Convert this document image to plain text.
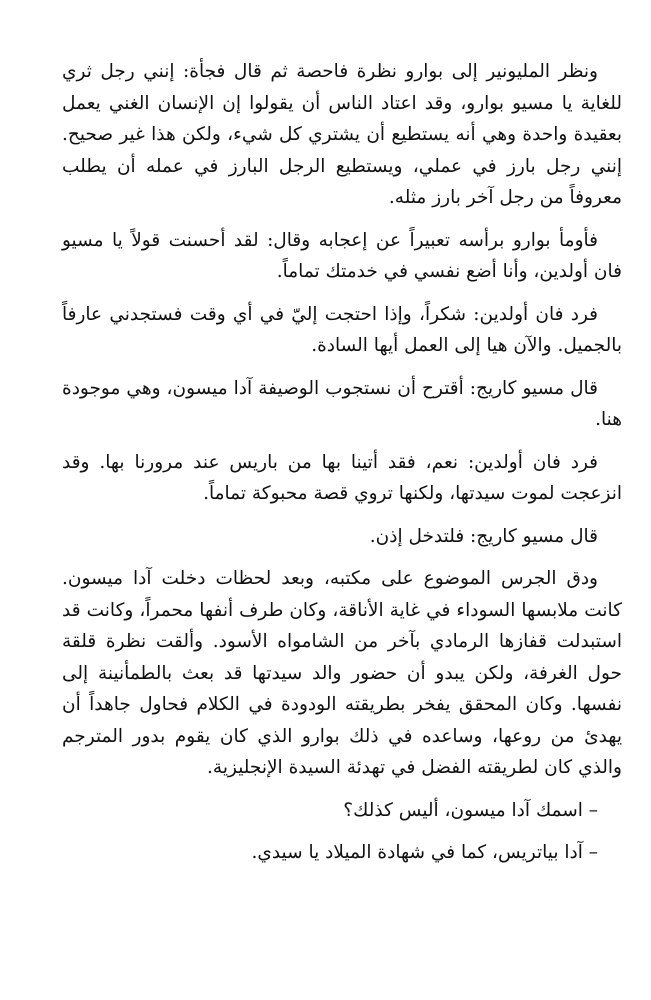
ونظر المليونير إلى بوارو نظرة فاحصة ثم قال فجأة: إنني رجل ثري للغاية يا مسيو بوارو، وقد اعتاد الناس أن يقولوا إن الإنسان الغني يعمل بعقيدة واحدة وهي أنه يستطيع أن يشتري كل شيء، ولكن هذا غير صحيح. إنني رجل بارز في عملي، ويستطيع الرجل البارز في عمله أن يطلب معروفاً من رجل آخر بارز مثله.

فأومأ بوارو برأسه تعبيراً عن إعجابه وقال: لقد أحسنت قولاً يا مسيو فان أولدين، وأنا أضع نفسي في خدمتك تماماً.

فرد فان أولدين: شكراً، وإذا احتجت إليّ في أي وقت فستجدني عارفاً بالجميل. والآن هيا إلى العمل أيها السادة.

قال مسيو كاريج: أقترح أن نستجوب الوصيفة آدا ميسون، وهي موجودة هنا.

فرد فان أولدين: نعم، فقد أتينا بها من باريس عند مرورنا بها. وقد انزعجت لموت سيدتها، ولكنها تروي قصة محبوكة تماماً.

قال مسيو كاريج: فلتدخل إذن.

ودق الجرس الموضوع على مكتبه، وبعد لحظات دخلت آدا ميسون. كانت ملابسها السوداء في غاية الأناقة، وكان طرف أنفها محمراً، وكانت قد استبدلت قفازها الرمادي بآخر من الشامواه الأسود. وألقت نظرة قلقة حول الغرفة، ولكن يبدو أن حضور والد سيدتها قد بعث بالطمأنينة إلى نفسها. وكان المحقق يفخر بطريقته الودودة في الكلام فحاول جاهداً أن يهدئ من روعها، وساعده في ذلك بوارو الذي كان يقوم بدور المترجم والذي كان لطريقته الفضل في تهدئة السيدة الإنجليزية.

– اسمك آدا ميسون، أليس كذلك؟

– آدا بياتريس، كما في شهادة الميلاد يا سيدي.
